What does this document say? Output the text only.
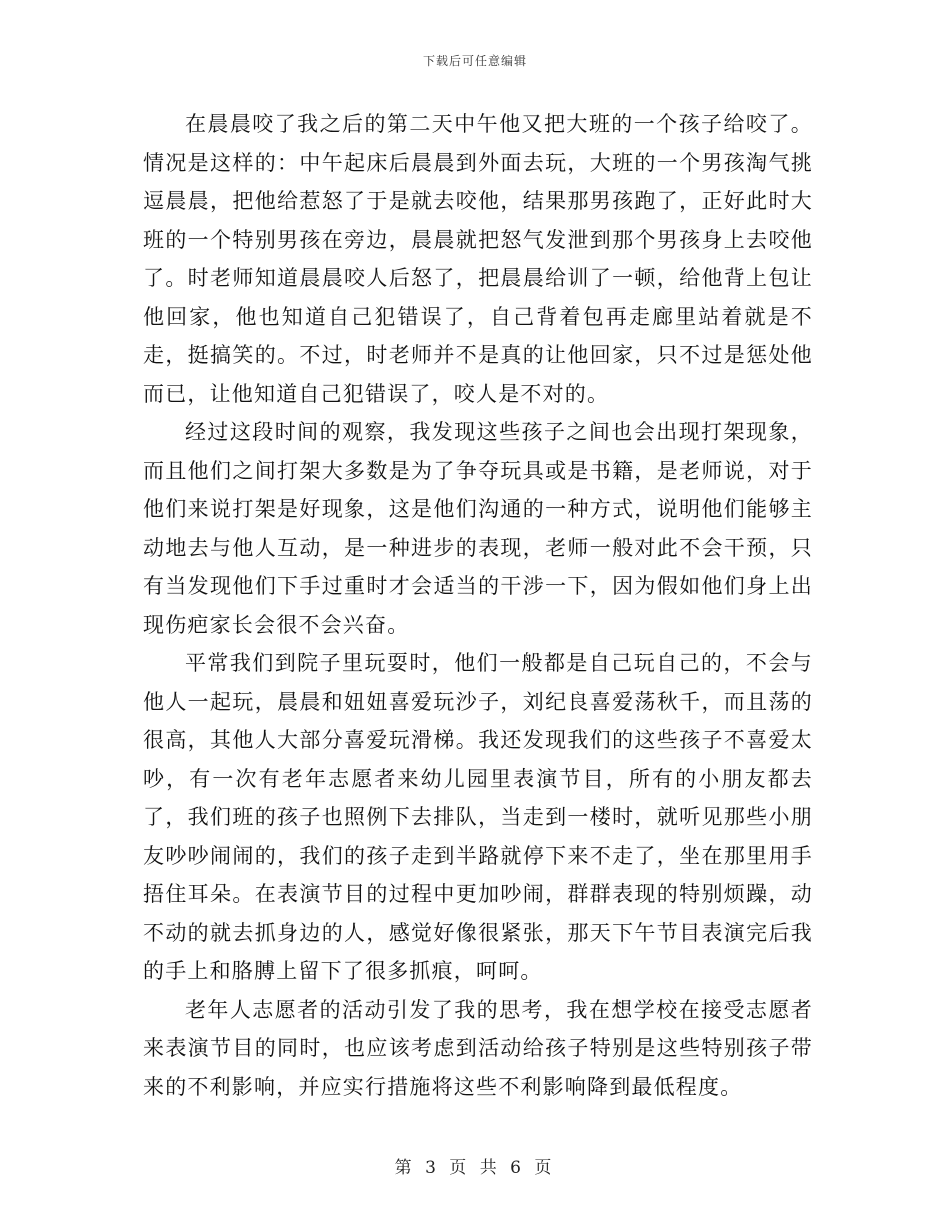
下载后可任意编辑

在晨晨咬了我之后的第二天中午他又把大班的一个孩子给咬了。情况是这样的：中午起床后晨晨到外面去玩，大班的一个男孩淘气挑逗晨晨，把他给惹怒了于是就去咬他，结果那男孩跑了，正好此时大班的一个特别男孩在旁边，晨晨就把怒气发泄到那个男孩身上去咬他了。时老师知道晨晨咬人后怒了，把晨晨给训了一顿，给他背上包让他回家，他也知道自己犯错误了，自己背着包再走廊里站着就是不走，挺搞笑的。不过，时老师并不是真的让他回家，只不过是惩处他而已，让他知道自己犯错误了，咬人是不对的。

经过这段时间的观察，我发现这些孩子之间也会出现打架现象，而且他们之间打架大多数是为了争夺玩具或是书籍，是老师说，对于他们来说打架是好现象，这是他们沟通的一种方式，说明他们能够主动地去与他人互动，是一种进步的表现，老师一般对此不会干预，只有当发现他们下手过重时才会适当的干涉一下，因为假如他们身上出现伤疤家长会很不会兴奋。

平常我们到院子里玩耍时，他们一般都是自己玩自己的，不会与他人一起玩，晨晨和妞妞喜爱玩沙子，刘纪良喜爱荡秋千，而且荡的很高，其他人大部分喜爱玩滑梯。我还发现我们的这些孩子不喜爱太吵，有一次有老年志愿者来幼儿园里表演节目，所有的小朋友都去了，我们班的孩子也照例下去排队，当走到一楼时，就听见那些小朋友吵吵闹闹的，我们的孩子走到半路就停下来不走了，坐在那里用手捂住耳朵。在表演节目的过程中更加吵闹，群群表现的特别烦躁，动不动的就去抓身边的人，感觉好像很紧张，那天下午节目表演完后我的手上和胳膊上留下了很多抓痕，呵呵。

老年人志愿者的活动引发了我的思考，我在想学校在接受志愿者来表演节目的同时，也应该考虑到活动给孩子特别是这些特别孩子带来的不利影响，并应实行措施将这些不利影响降到最低程度。

第 3 页 共 6 页
